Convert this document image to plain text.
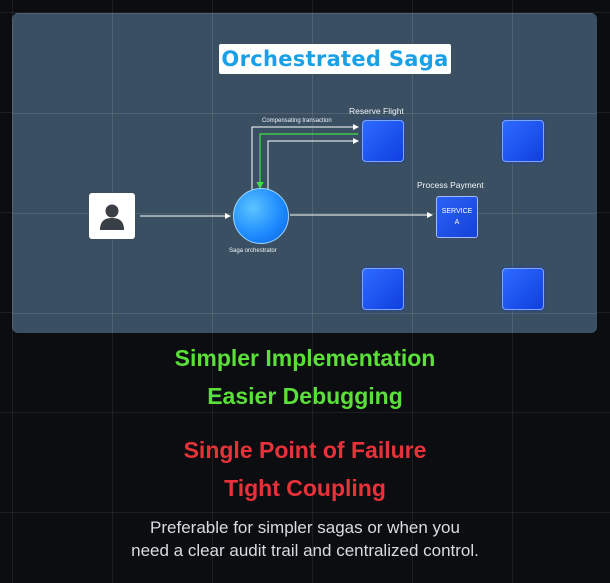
Orchestrated Saga
Reserve Flight
Process Payment
Compensating transaction
Saga orchestrator
SERVICE
A
Simpler Implementation
Easier Debugging
Single Point of Failure
Tight Coupling
Preferable for simpler sagas or when you
need a clear audit trail and centralized control.
